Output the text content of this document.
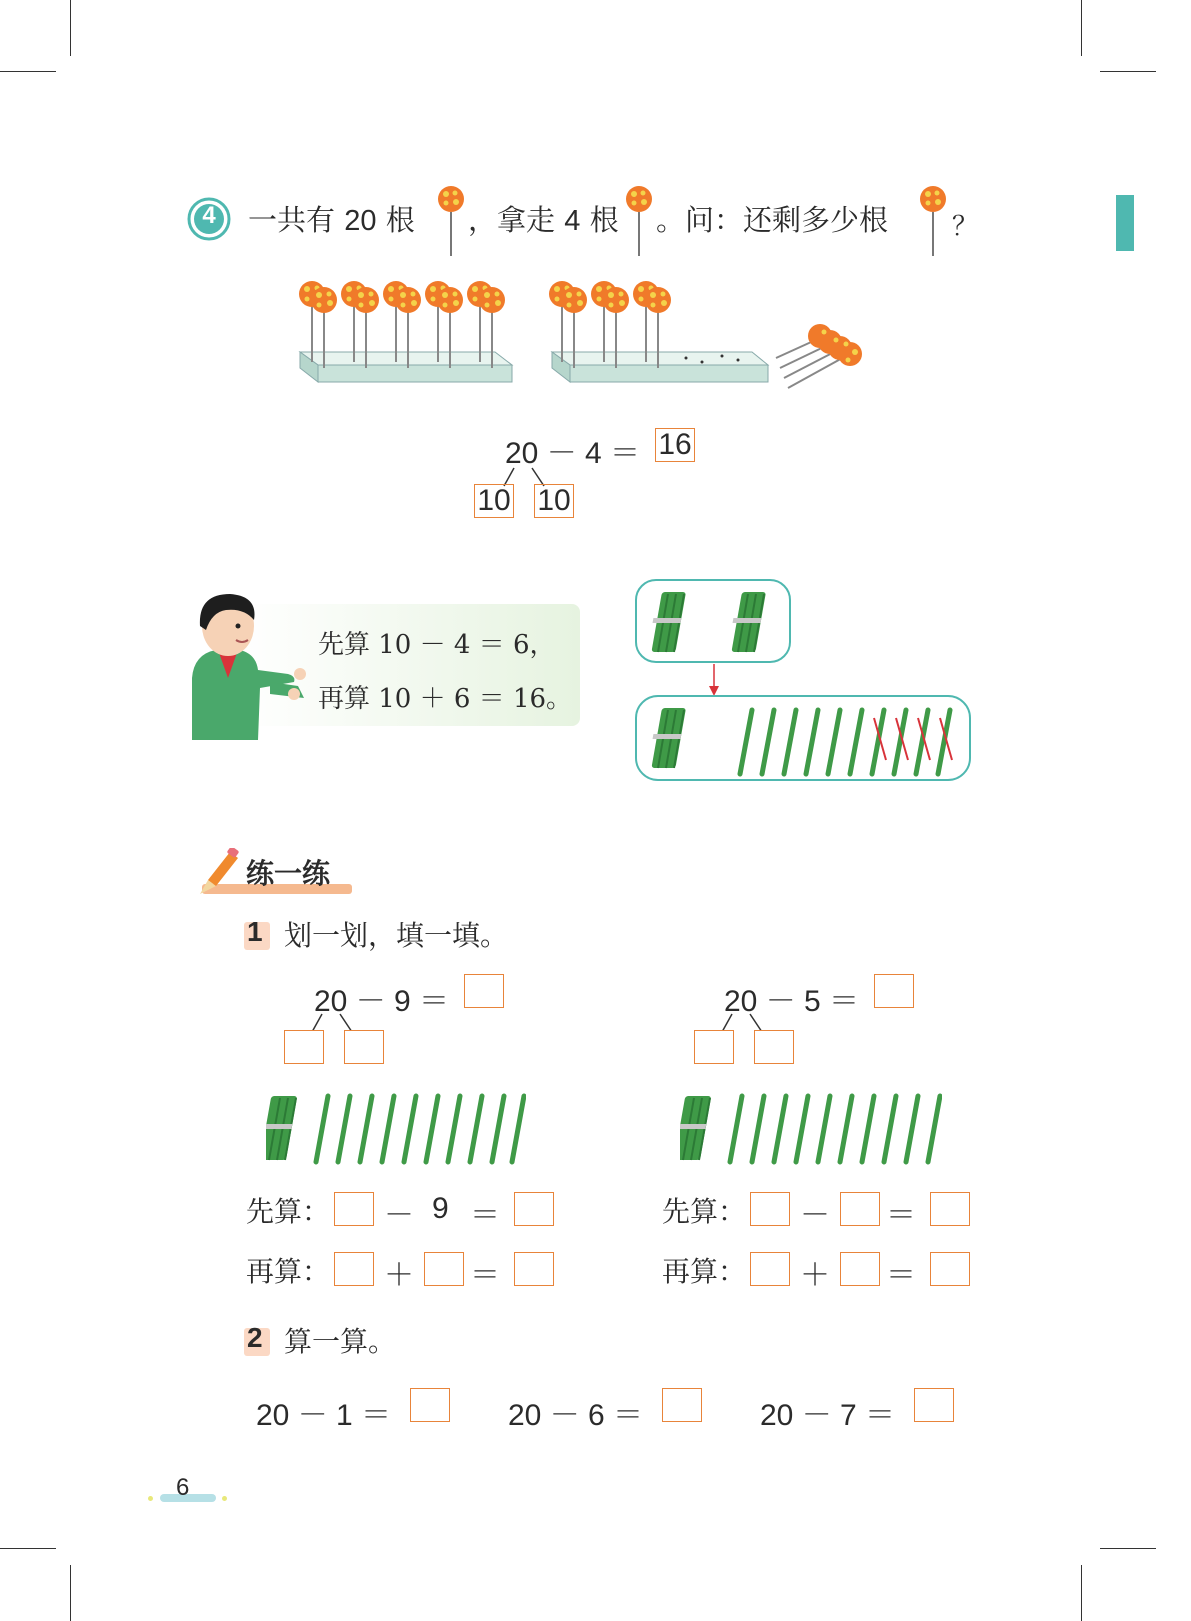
4	一共有 20 根 ，拿走 4 根 。问：还剩多少根 ？
20 － 4 ＝ 16
10 10
先算 10 － 4 ＝ 6，
再算 10 ＋ 6 ＝ 16。
练一练
1 划一划，填一填。
20 － 9 ＝	20 － 5 ＝
先算： － 9 ＝
再算： ＋ ＝
先算： － ＝
再算： ＋ ＝
2 算一算。
20 － 1 ＝	20 － 6 ＝	20 － 7 ＝
6
